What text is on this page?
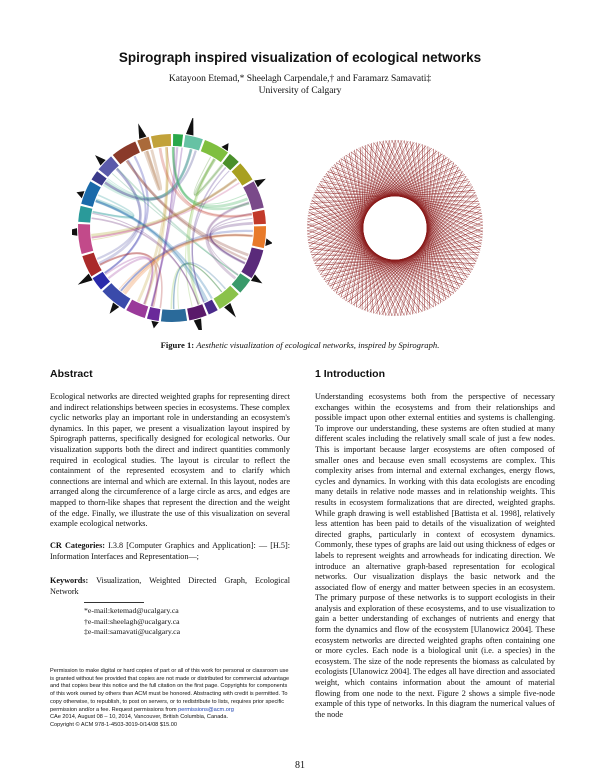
Spirograph inspired visualization of ecological networks
Katayoon Etemad,* Sheelagh Carpendale,† and Faramarz Samavati‡
University of Calgary
Figure 1: Aesthetic visualization of ecological networks, inspired by Spirograph.
Abstract
Ecological networks are directed weighted graphs for representing direct and indirect relationships between species in ecosystems. These complex cyclic networks play an important role in understanding an ecosystem's dynamics. In this paper, we present a visualization layout inspired by Spirograph patterns, specifically designed for ecological networks. Our visualization supports both the direct and indirect quantities commonly required in ecological studies. The layout is circular to reflect the containment of the represented ecosystem and to clarify which connections are internal and which are external. In this layout, nodes are arranged along the circumference of a large circle as arcs, and edges are mapped to thorn-like shapes that represent the direction and the weight of the edge. Finally, we illustrate the use of this visualization on several example ecological networks.
CR Categories: I.3.8 [Computer Graphics and Application]: — [H.5]: Information Interfaces and Representation—;
Keywords: Visualization, Weighted Directed Graph, Ecological Network
*e-mail:ketemad@ucalgary.ca
†e-mail:sheelagh@ucalgary.ca
‡e-mail:samavati@ucalgary.ca
Permission to make digital or hard copies of part or all of this work for personal or classroom use is granted without fee provided that copies are not made or distributed for commercial advantage and that copies bear this notice and the full citation on the first page. Copyrights for components of this work owned by others than ACM must be honored. Abstracting with credit is permitted. To copy otherwise, to republish, to post on servers, or to redistribute to lists, requires prior specific permission and/or a fee. Request permissions from permissions@acm.org
CAe 2014, August 08 – 10, 2014, Vancouver, British Columbia, Canada.
Copyright © ACM 978-1-4503-3019-0/14/08 $15.00
1 Introduction
Understanding ecosystems both from the perspective of necessary exchanges within the ecosystems and from their relationships and possible impact upon other external entities and systems is challenging. To improve our understanding, these systems are often studied at many different scales including the relatively small scale of just a few nodes. This is important because larger ecosystems are often composed of smaller ones and because even small ecosystems are complex. This complexity arises from internal and external exchanges, energy flows, cycles and dynamics. In working with this data ecologists are encoding many details in relative node masses and in relationship weights. This results in ecosystem formalizations that are directed, weighted graphs. While graph drawing is well established [Battista et al. 1998], relatively less attention has been paid to details of the visualization of weighted directed graphs, particularly in context of ecosystem dynamics. Commonly, these types of graphs are laid out using thickness of edges or labels to represent weights and arrowheads for indicating direction. We introduce an alternative graph-based representation for ecological networks. Our visualization displays the basic network and the associated flow of energy and matter between species in an ecosystem. The primary purpose of these networks is to support ecologists in their analysis and exploration of these ecosystems, and to use visualization to gain a better understanding of exchanges of nutrients and energy that form the dynamics and flow of the ecosystem [Ulanowicz 2004]. These ecosystem networks are directed weighted graphs often containing one or more cycles. Each node is a biological unit (i.e. a species) in the ecosystem. The size of the node represents the biomass as calculated by ecologists [Ulanowicz 2004]. The edges all have direction and associated weight, which contains information about the amount of material flowing from one node to the next. Figure 2 shows a simple five-node example of this type of networks. In this diagram the numerical values of the node
81
